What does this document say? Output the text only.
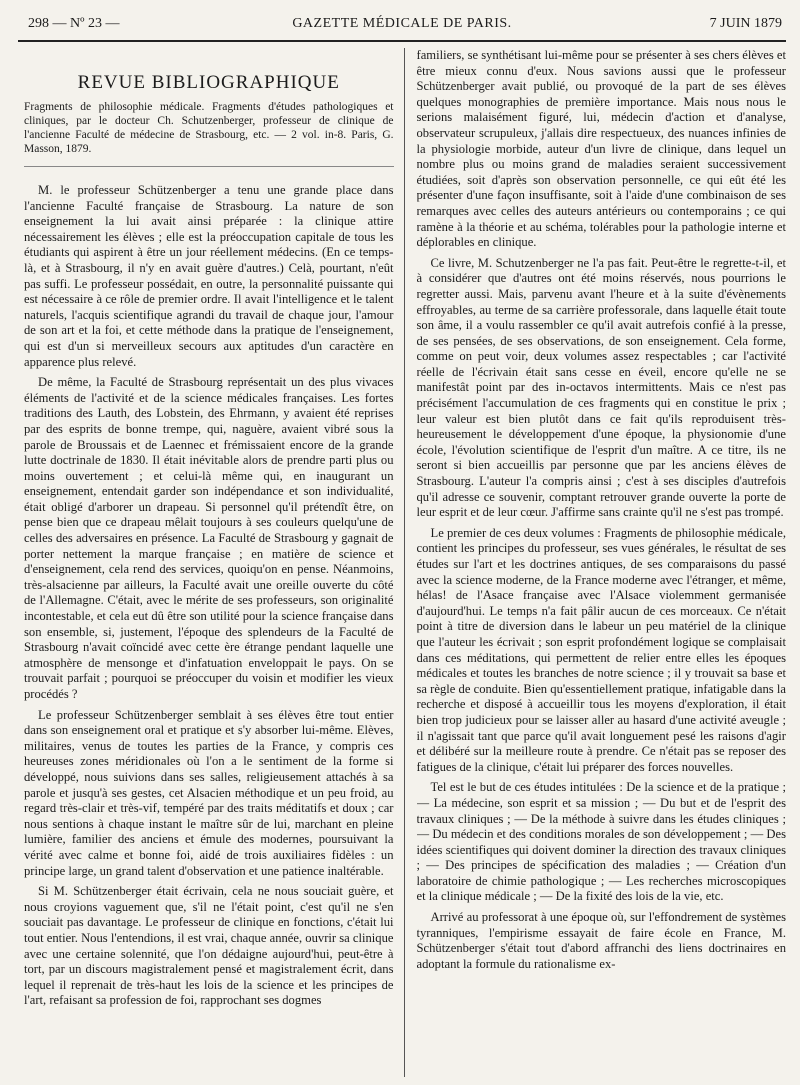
298 — Nº 23 —	GAZETTE MÉDICALE DE PARIS.	7 JUIN 1879
REVUE BIBLIOGRAPHIQUE
Fragments de philosophie médicale. Fragments d'études pathologiques et cliniques, par le docteur Ch. Schutzenberger, professeur de clinique de l'ancienne Faculté de médecine de Strasbourg, etc. — 2 vol. in-8. Paris, G. Masson, 1879.

M. le professeur Schützenberger a tenu une grande place dans l'ancienne Faculté française de Strasbourg. La nature de son enseignement la lui avait ainsi préparée : la clinique attire nécessairement les élèves ; elle est la préoccupation capitale de tous les étudiants qui aspirent à être un jour réellement médecins. (En ce temps-là, et à Strasbourg, il n'y en avait guère d'autres.) Celà, pourtant, n'eût pas suffi. Le professeur possédait, en outre, la personnalité puissante qui est nécessaire à ce rôle de premier ordre. Il avait l'intelligence et le talent naturels, l'acquis scientifique agrandi du travail de chaque jour, l'amour de son art et la foi, et cette méthode dans la pratique de l'enseignement, qui est d'un si merveilleux secours aux aptitudes d'un caractère en apparence plus relevé.

De même, la Faculté de Strasbourg représentait un des plus vivaces éléments de l'activité et de la science médicales françaises. Les fortes traditions des Lauth, des Lobstein, des Ehrmann, y avaient été reprises par des esprits de bonne trempe, qui, naguère, avaient vibré sous la parole de Broussais et de Laennec et frémissaient encore de la grande lutte doctrinale de 1830. Il était inévitable alors de prendre parti plus ou moins ouvertement ; et celui-là même qui, en inaugurant un enseignement, entendait garder son indépendance et son individualité, était obligé d'arborer un drapeau. Si personnel qu'il prétendît être, on pense bien que ce drapeau mêlait toujours à ses couleurs quelqu'une de celles des adversaires en présence. La Faculté de Strasbourg y gagnait de porter nettement la marque française ; en matière de science et d'enseignement, cela rend des services, quoiqu'on en pense. Néanmoins, très-alsacienne par ailleurs, la Faculté avait une oreille ouverte du côté de l'Allemagne. C'était, avec le mérite de ses professeurs, son originalité incontestable, et cela eut dû être son utilité pour la science française dans son ensemble, si, justement, l'époque des splendeurs de la Faculté de Strasbourg n'avait coïncidé avec cette ère étrange pendant laquelle une atmosphère de mensonge et d'infatuation enveloppait le pays. On se trouvait parfait ; pourquoi se préoccuper du voisin et modifier les vieux procédés ?

Le professeur Schützenberger semblait à ses élèves être tout entier dans son enseignement oral et pratique et s'y absorber lui-même. Elèves, militaires, venus de toutes les parties de la France, y compris ces heureuses zones méridionales où l'on a le sentiment de la forme si développé, nous suivions dans ses salles, religieusement attachés à sa parole et jusqu'à ses gestes, cet Alsacien méthodique et un peu froid, au regard très-clair et très-vif, tempéré par des traits méditatifs et doux ; car nous sentions à chaque instant le maître sûr de lui, marchant en pleine lumière, familier des anciens et émule des modernes, poursuivant la vérité avec calme et bonne foi, aidé de trois auxiliaires fidèles : un principe large, un grand talent d'observation et une patience inaltérable.

Si M. Schützenberger était écrivain, cela ne nous souciait guère, et nous croyions vaguement que, s'il ne l'était point, c'est qu'il ne s'en souciait pas davantage. Le professeur de clinique en fonctions, c'était lui tout entier. Nous l'entendions, il est vrai, chaque année, ouvrir sa clinique avec une certaine solennité, que l'on dédaigne aujourd'hui, peut-être à tort, par un discours magistralement pensé et magistralement écrit, dans lequel il reprenait de très-haut les lois de la science et les principes de l'art, refaisant sa profession de foi, rapprochant ses dogmes

familiers, se synthétisant lui-même pour se présenter à ses chers élèves et être mieux connu d'eux. Nous savions aussi que le professeur Schützenberger avait publié, ou provoqué de la part de ses élèves quelques monographies de première importance. Mais nous nous le serions malaisément figuré, lui, médecin d'action et d'analyse, observateur scrupuleux, j'allais dire respectueux, des nuances infinies de la physiologie morbide, auteur d'un livre de clinique, dans lequel un nombre plus ou moins grand de maladies seraient successivement étudiées, soit d'après son observation personnelle, ce qui eût été les présenter d'une façon insuffisante, soit à l'aide d'une combinaison de ses remarques avec celles des auteurs antérieurs ou contemporains ; ce qui ramène à la théorie et au schéma, tolérables pour la pathologie interne et déplorables en clinique.

Ce livre, M. Schutzenberger ne l'a pas fait. Peut-être le regrette-t-il, et à considérer que d'autres ont été moins réservés, nous pourrions le regretter aussi. Mais, parvenu avant l'heure et à la suite d'évènements effroyables, au terme de sa carrière professorale, dans laquelle était toute son âme, il a voulu rassembler ce qu'il avait autrefois confié à la presse, de ses pensées, de ses observations, de son enseignement. Cela forme, comme on peut voir, deux volumes assez respectables ; car l'activité réelle de l'écrivain était sans cesse en éveil, encore qu'elle ne se manifestât point par des in-octavos intermittents. Mais ce n'est pas précisément l'accumulation de ces fragments qui en constitue le prix ; leur valeur est bien plutôt dans ce fait qu'ils reproduisent très-heureusement le développement d'une époque, la physionomie d'une école, l'évolution scientifique de l'esprit d'un maître. A ce titre, ils ne seront si bien accueillis par personne que par les anciens élèves de Strasbourg. L'auteur l'a compris ainsi ; c'est à ses disciples d'autrefois qu'il adresse ce souvenir, comptant retrouver grande ouverte la porte de leur esprit et de leur cœur. J'affirme sans crainte qu'il ne s'est pas trompé.

Le premier de ces deux volumes : Fragments de philosophie médicale, contient les principes du professeur, ses vues générales, le résultat de ses études sur l'art et les doctrines antiques, de ses comparaisons du passé avec la science moderne, de la France moderne avec l'étranger, et même, hélas! de l'Asace française avec l'Alsace violemment germanisée d'aujourd'hui. Le temps n'a fait pâlir aucun de ces morceaux. Ce n'était point à titre de diversion dans le labeur un peu matériel de la clinique que l'auteur les écrivait ; son esprit profondément logique se complaisait dans ces méditations, qui permettent de relier entre elles les époques médicales et toutes les branches de notre science ; il y trouvait sa base et sa règle de conduite. Bien qu'essentiellement pratique, infatigable dans la recherche et disposé à accueillir tous les moyens d'exploration, il était bien trop judicieux pour se laisser aller au hasard d'une activité aveugle ; il n'agissait tant que parce qu'il avait longuement pesé les raisons d'agir et délibéré sur la meilleure route à prendre. Ce n'était pas se reposer des fatigues de la clinique, c'était lui préparer des forces nouvelles.

Tel est le but de ces études intitulées : De la science et de la pratique ; — La médecine, son esprit et sa mission ; — Du but et de l'esprit des travaux cliniques ; — De la méthode à suivre dans les études cliniques ; — Du médecin et des conditions morales de son développement ; — Des idées scientifiques qui doivent dominer la direction des travaux cliniques ; — Des principes de spécification des maladies ; — Création d'un laboratoire de chimie pathologique ; — Les recherches microscopiques et la clinique médicale ; — De la fixité des lois de la vie, etc.

Arrivé au professorat à une époque où, sur l'effondrement de systèmes tyranniques, l'empirisme essayait de faire école en France, M. Schützenberger s'était tout d'abord affranchi des liens doctrinaires en adoptant la formule du rationalisme ex-
